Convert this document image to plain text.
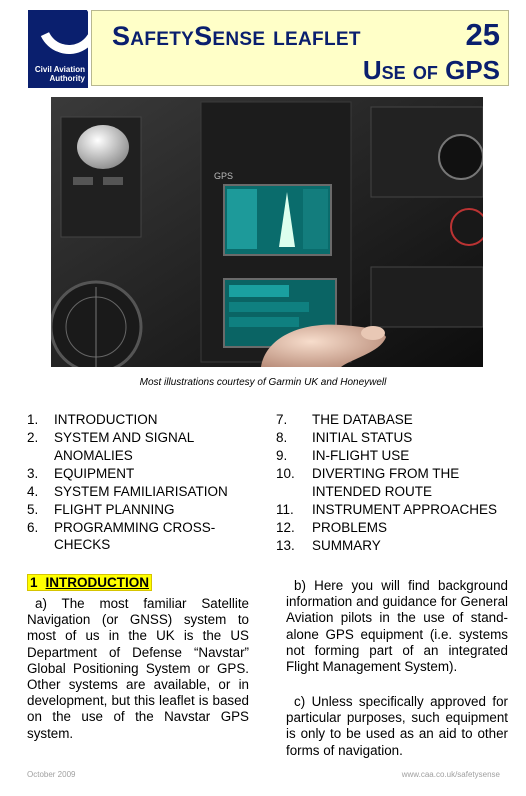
Civil Aviation
Authority
SafetySense leaflet	25
Use of GPS
GPS
Most illustrations courtesy of Garmin UK and Honeywell
1. INTRODUCTION
2. SYSTEM AND SIGNAL ANOMALIES
3. EQUIPMENT
4. SYSTEM FAMILIARISATION
5. FLIGHT PLANNING
6. PROGRAMMING CROSS-CHECKS
7. THE DATABASE
8. INITIAL STATUS
9. IN-FLIGHT USE
10. DIVERTING FROM THE INTENDED ROUTE
11. INSTRUMENT APPROACHES
12. PROBLEMS
13. SUMMARY
1 INTRODUCTION
a) The most familiar Satellite Navigation (or GNSS) system to most of us in the UK is the US Department of Defense “Navstar” Global Positioning System or GPS. Other systems are available, or in development, but this leaflet is based on the use of the Navstar GPS system.
b) Here you will find background information and guidance for General Aviation pilots in the use of stand-alone GPS equipment (i.e. systems not forming part of an integrated Flight Management System).
c) Unless specifically approved for particular purposes, such equipment is only to be used as an aid to other forms of navigation.
October 2009	www.caa.co.uk/safetysense
